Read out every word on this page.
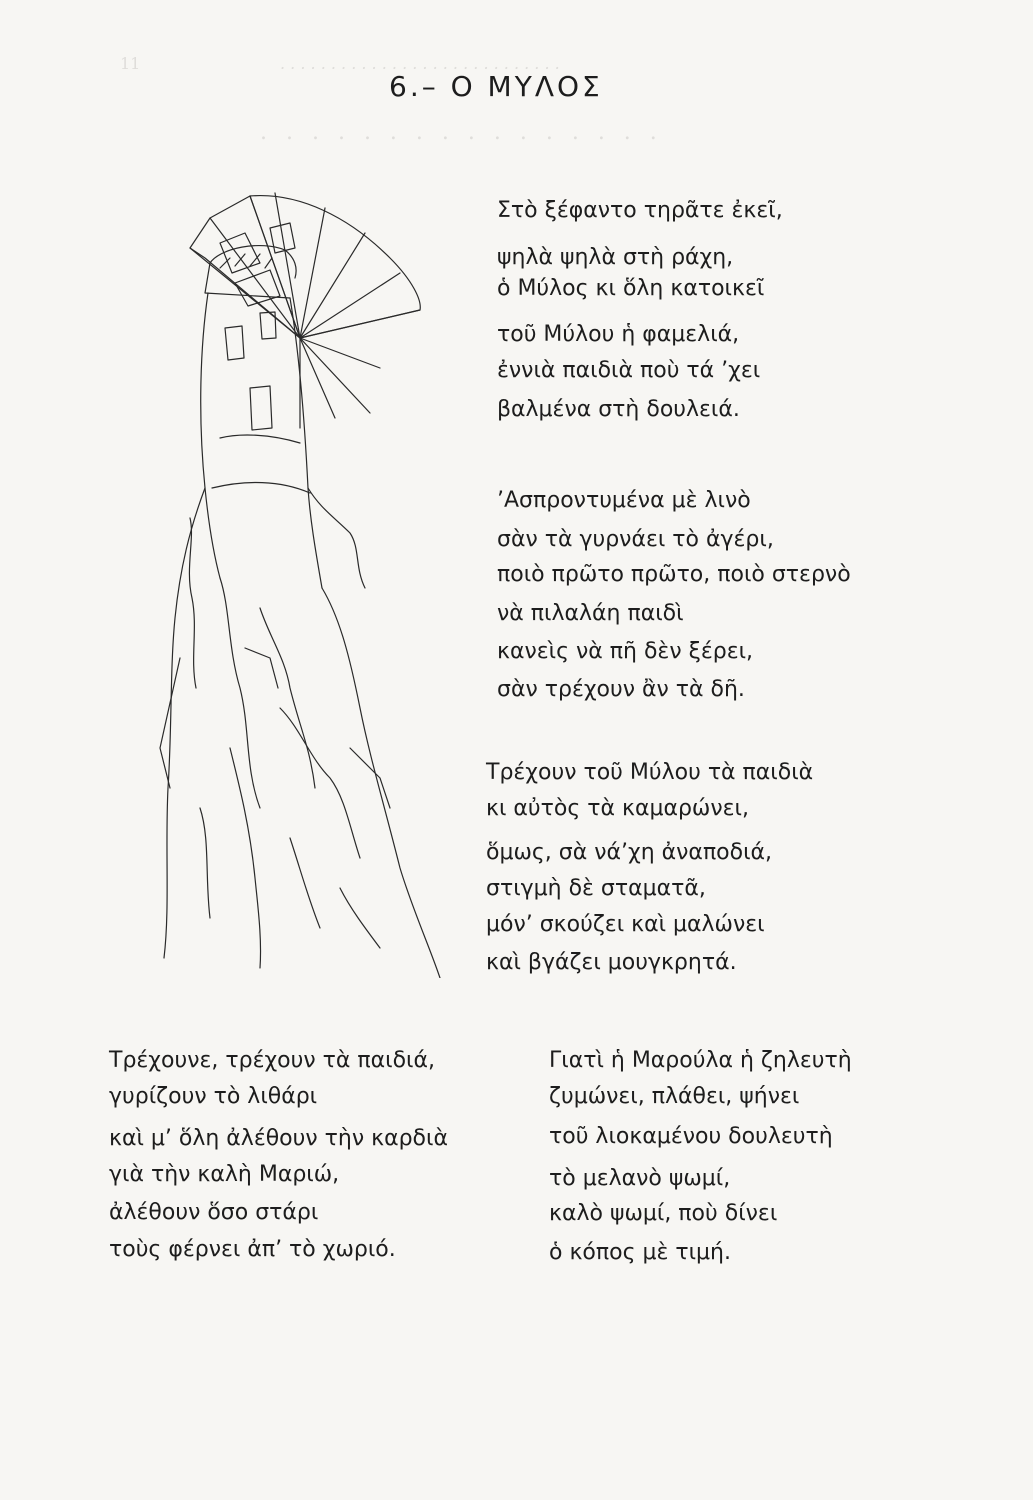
11	. . . . . . . . . . . . . . . . . . . . . . . . . . . .
. . . . . . . . . . . . . . . .
6.– Ο ΜΥΛΟΣ
Στὸ ξέφαντο τηρᾶτε ἐκεῖ,
ψηλὰ ψηλὰ στὴ ράχη,
ὁ Μύλος κι ὅλη κατοικεῖ
τοῦ Μύλου ἡ φαμελιά,
ἐννιὰ παιδιὰ ποὺ τά ’χει
βαλμένα στὴ δουλειά.
’Ασπροντυμένα μὲ λινὸ
σὰν τὰ γυρνάει τὸ ἀγέρι,
ποιὸ πρῶτο πρῶτο, ποιὸ στερνὸ
νὰ πιλαλάη παιδὶ
κανεὶς νὰ πῆ δὲν ξέρει,
σὰν τρέχουν ἂν τὰ δῆ.
Τρέχουν τοῦ Μύλου τὰ παιδιὰ
κι αὐτὸς τὰ καμαρώνει,
ὅμως, σὰ νά’χη ἀναποδιά,
στιγμὴ δὲ σταματᾶ,
μόν’ σκούζει καὶ μαλώνει
καὶ βγάζει μουγκρητά.
Τρέχουνε, τρέχουν τὰ παιδιά,
γυρίζουν τὸ λιθάρι
καὶ μ’ ὅλη ἀλέθουν τὴν καρδιὰ
γιὰ τὴν καλὴ Μαριώ,
ἀλέθουν ὅσο στάρι
τοὺς φέρνει ἀπ’ τὸ χωριό.
Γιατὶ ἡ Μαρούλα ἡ ζηλευτὴ
ζυμώνει, πλάθει, ψήνει
τοῦ λιοκαμένου δουλευτὴ
τὸ μελανὸ ψωμί,
καλὸ ψωμί, ποὺ δίνει
ὁ κόπος μὲ τιμή.
